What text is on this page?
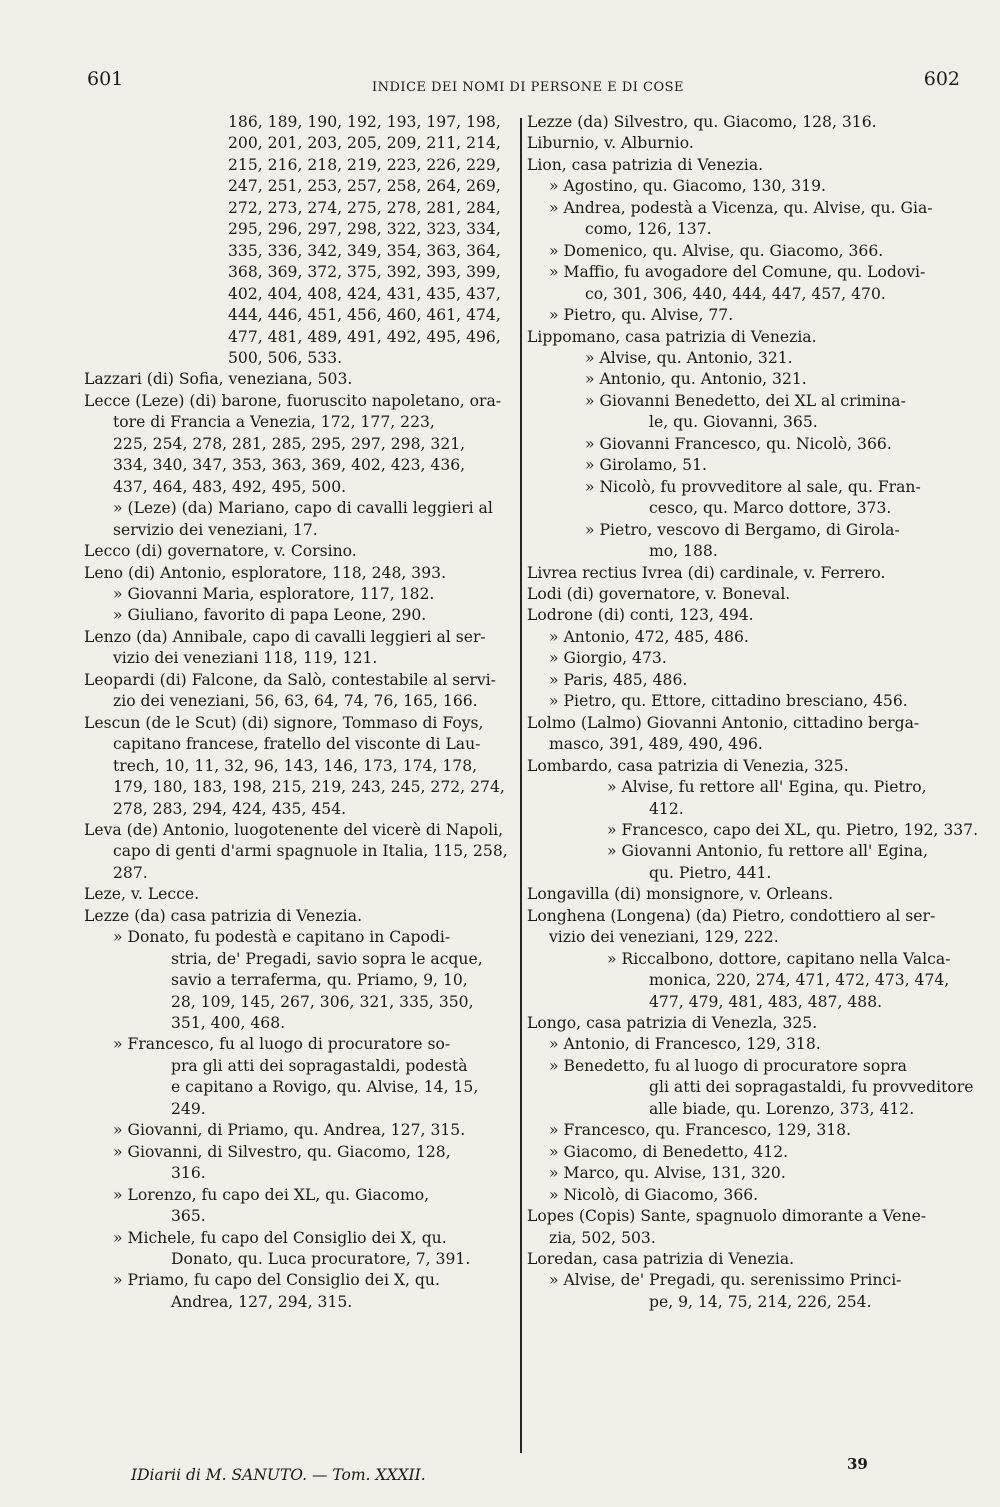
601	INDICE DEI NOMI DI PERSONE E DI COSE	602
186, 189, 190, 192, 193, 197, 198,
200, 201, 203, 205, 209, 211, 214,
215, 216, 218, 219, 223, 226, 229,
247, 251, 253, 257, 258, 264, 269,
272, 273, 274, 275, 278, 281, 284,
295, 296, 297, 298, 322, 323, 334,
335, 336, 342, 349, 354, 363, 364,
368, 369, 372, 375, 392, 393, 399,
402, 404, 408, 424, 431, 435, 437,
444, 446, 451, 456, 460, 461, 474,
477, 481, 489, 491, 492, 495, 496,
500, 506, 533.
Lazzari (di) Sofia, veneziana, 503.
Lecce (Leze) (di) barone, fuoruscito napoletano, ora-
tore di Francia a Venezia, 172, 177, 223,
225, 254, 278, 281, 285, 295, 297, 298, 321,
334, 340, 347, 353, 363, 369, 402, 423, 436,
437, 464, 483, 492, 495, 500.
» (Leze) (da) Mariano, capo di cavalli leggieri al
servizio dei veneziani, 17.
Lecco (di) governatore, v. Corsino.
Leno (di) Antonio, esploratore, 118, 248, 393.
» Giovanni Maria, esploratore, 117, 182.
» Giuliano, favorito di papa Leone, 290.
Lenzo (da) Annibale, capo di cavalli leggieri al ser-
vizio dei veneziani 118, 119, 121.
Leopardi (di) Falcone, da Salò, contestabile al servi-
zio dei veneziani, 56, 63, 64, 74, 76, 165, 166.
Lescun (de le Scut) (di) signore, Tommaso di Foys,
capitano francese, fratello del visconte di Lau-
trech, 10, 11, 32, 96, 143, 146, 173, 174, 178,
179, 180, 183, 198, 215, 219, 243, 245, 272, 274,
278, 283, 294, 424, 435, 454.
Leva (de) Antonio, luogotenente del vicerè di Napoli,
capo di genti d'armi spagnuole in Italia, 115, 258,
287.
Leze, v. Lecce.
Lezze (da) casa patrizia di Venezia.
» Donato, fu podestà e capitano in Capodi-
stria, de' Pregadi, savio sopra le acque,
savio a terraferma, qu. Priamo, 9, 10,
28, 109, 145, 267, 306, 321, 335, 350,
351, 400, 468.
» Francesco, fu al luogo di procuratore so-
pra gli atti dei sopragastaldi, podestà
e capitano a Rovigo, qu. Alvise, 14, 15,
249.
» Giovanni, di Priamo, qu. Andrea, 127, 315.
» Giovanni, di Silvestro, qu. Giacomo, 128,
316.
» Lorenzo, fu capo dei XL, qu. Giacomo,
365.
» Michele, fu capo del Consiglio dei X, qu.
Donato, qu. Luca procuratore, 7, 391.
» Priamo, fu capo del Consiglio dei X, qu.
Andrea, 127, 294, 315.
Lezze (da) Silvestro, qu. Giacomo, 128, 316.
Liburnio, v. Alburnio.
Lion, casa patrizia di Venezia.
» Agostino, qu. Giacomo, 130, 319.
» Andrea, podestà a Vicenza, qu. Alvise, qu. Gia-
como, 126, 137.
» Domenico, qu. Alvise, qu. Giacomo, 366.
» Maffio, fu avogadore del Comune, qu. Lodovi-
co, 301, 306, 440, 444, 447, 457, 470.
» Pietro, qu. Alvise, 77.
Lippomano, casa patrizia di Venezia.
» Alvise, qu. Antonio, 321.
» Antonio, qu. Antonio, 321.
» Giovanni Benedetto, dei XL al crimina-
le, qu. Giovanni, 365.
» Giovanni Francesco, qu. Nicolò, 366.
» Girolamo, 51.
» Nicolò, fu provveditore al sale, qu. Fran-
cesco, qu. Marco dottore, 373.
» Pietro, vescovo di Bergamo, di Girola-
mo, 188.
Livrea rectius Ivrea (di) cardinale, v. Ferrero.
Lodi (di) governatore, v. Boneval.
Lodrone (di) conti, 123, 494.
» Antonio, 472, 485, 486.
» Giorgio, 473.
» Paris, 485, 486.
» Pietro, qu. Ettore, cittadino bresciano, 456.
Lolmo (Lalmo) Giovanni Antonio, cittadino berga-
masco, 391, 489, 490, 496.
Lombardo, casa patrizia di Venezia, 325.
» Alvise, fu rettore all' Egina, qu. Pietro,
412.
» Francesco, capo dei XL, qu. Pietro, 192, 337.
» Giovanni Antonio, fu rettore all' Egina,
qu. Pietro, 441.
Longavilla (di) monsignore, v. Orleans.
Longhena (Longena) (da) Pietro, condottiero al ser-
vizio dei veneziani, 129, 222.
» Riccalbono, dottore, capitano nella Valca-
monica, 220, 274, 471, 472, 473, 474,
477, 479, 481, 483, 487, 488.
Longo, casa patrizia di Venezla, 325.
» Antonio, di Francesco, 129, 318.
» Benedetto, fu al luogo di procuratore sopra
gli atti dei sopragastaldi, fu provveditore
alle biade, qu. Lorenzo, 373, 412.
» Francesco, qu. Francesco, 129, 318.
» Giacomo, di Benedetto, 412.
» Marco, qu. Alvise, 131, 320.
» Nicolò, di Giacomo, 366.
Lopes (Copis) Sante, spagnuolo dimorante a Vene-
zia, 502, 503.
Loredan, casa patrizia di Venezia.
» Alvise, de' Pregadi, qu. serenissimo Princi-
pe, 9, 14, 75, 214, 226, 254.
IDiarii di M. SANUTO. — Tom. XXXII.
39
